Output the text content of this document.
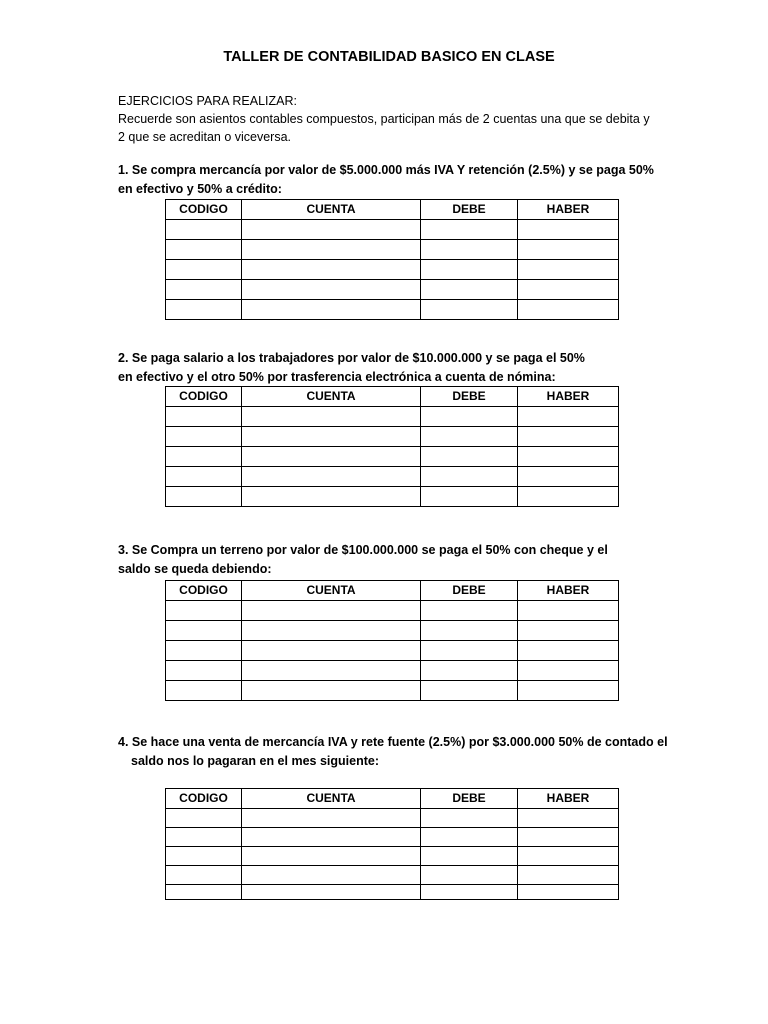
TALLER DE CONTABILIDAD BASICO EN CLASE
EJERCICIOS PARA REALIZAR:
Recuerde son asientos contables compuestos, participan más de 2 cuentas una que se debita y
2 que se acreditan o viceversa.
1. Se compra mercancía por valor de $5.000.000 más IVA Y retención (2.5%) y se paga 50%
en efectivo y 50% a crédito:
CODIGO	CUENTA	DEBE	HABER

2. Se paga salario a los trabajadores por valor de $10.000.000 y se paga el 50%
en efectivo y el otro 50% por trasferencia electrónica a cuenta de nómina:
CODIGO	CUENTA	DEBE	HABER

3. Se Compra un terreno por valor de $100.000.000 se paga el 50% con cheque y el
saldo se queda debiendo:
CODIGO	CUENTA	DEBE	HABER

4. Se hace una venta de mercancía IVA y rete fuente (2.5%) por $3.000.000 50% de contado el
saldo nos lo pagaran en el mes siguiente:
CODIGO	CUENTA	DEBE	HABER
